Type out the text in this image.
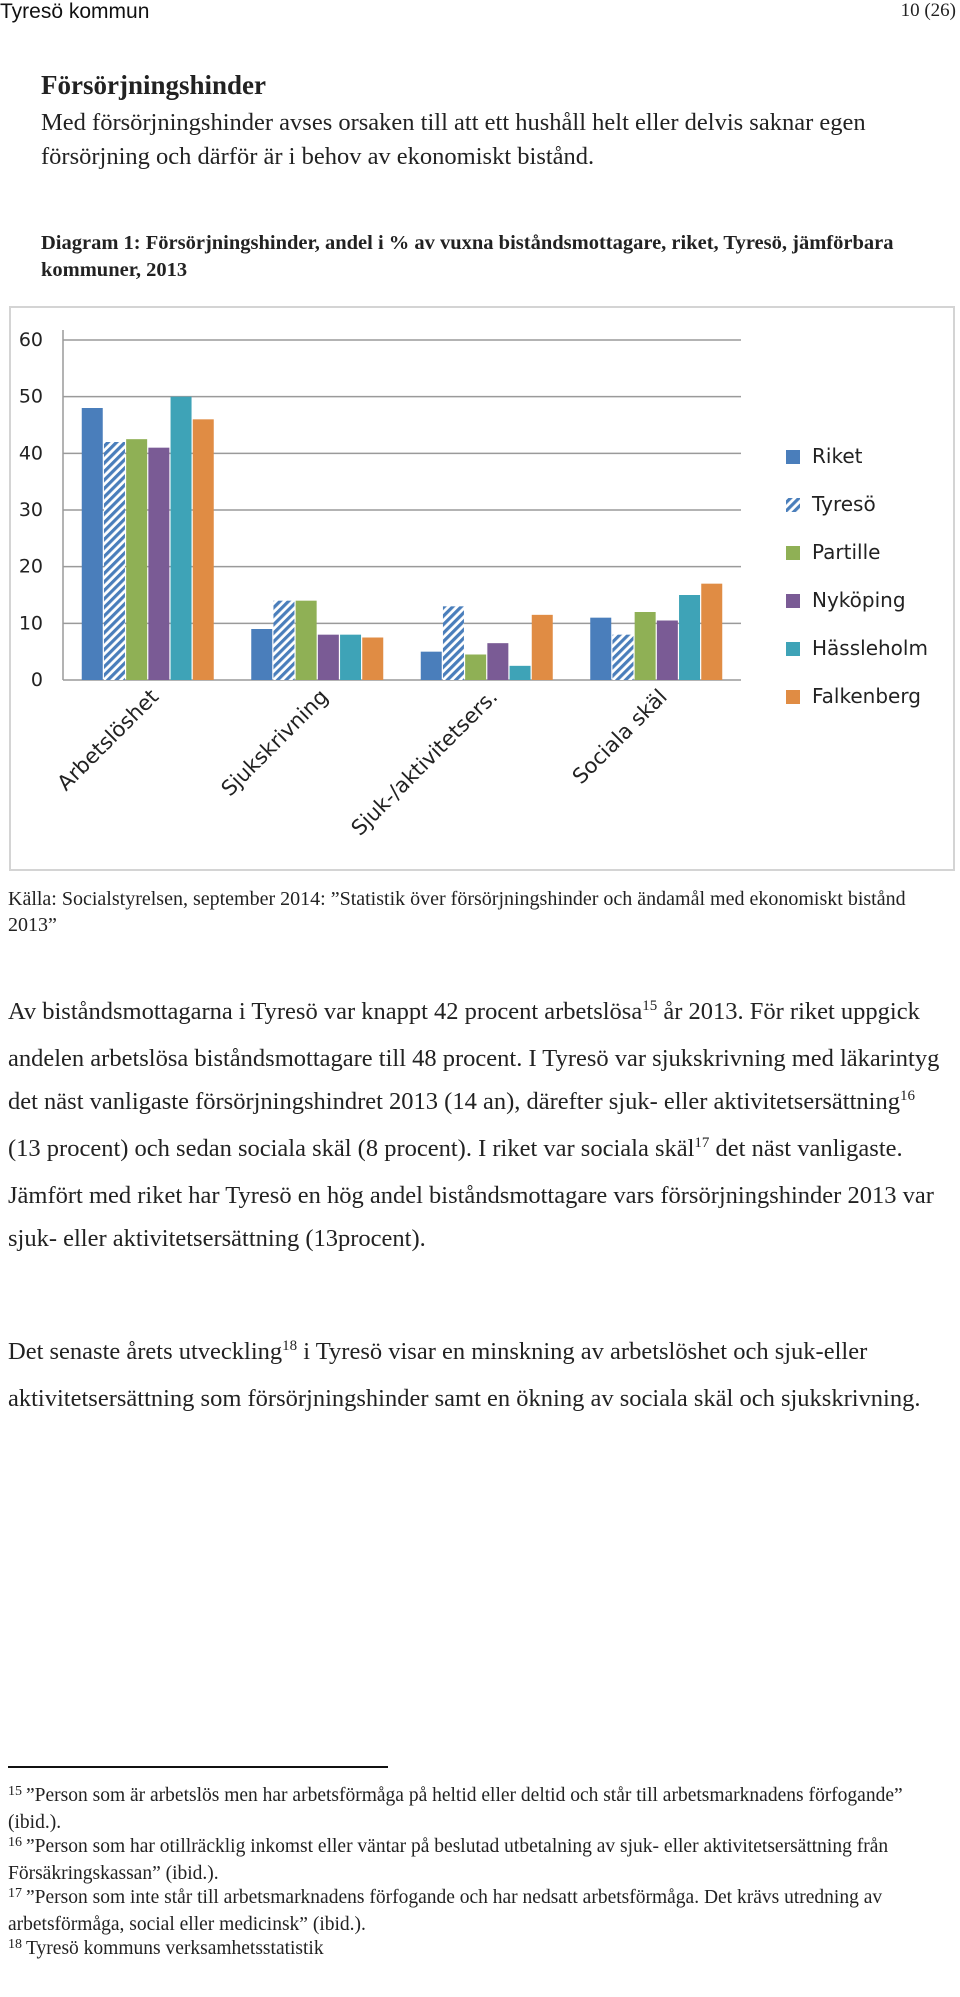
Tyresö kommun	10 (26)
Försörjningshinder
Med försörjningshinder avses orsaken till att ett hushåll helt eller delvis saknar egen försörjning och därför är i behov av ekonomiskt bistånd.
Diagram 1: Försörjningshinder, andel i % av vuxna biståndsmottagare, riket, Tyresö, jämförbara kommuner, 2013
0
10
20
30
40
50
60
Arbetslöshet	Sjukskrivning Sjuk-/aktivitetsers.	Sociala skäl
Riket
Tyresö
Partille
Nyköping
Hässleholm
Falkenberg
Källa: Socialstyrelsen, september 2014: ”Statistik över försörjningshinder och ändamål med ekonomiskt bistånd 2013”
Av biståndsmottagarna i Tyresö var knappt 42 procent arbetslösa$^{15}$ år 2013. För riket uppgick andelen arbetslösa biståndsmottagare till 48 procent. I Tyresö var sjukskrivning med läkarintyg det näst vanligaste försörjningshindret 2013 (14 an), därefter sjuk- eller aktivitetsersättning$^{16}$ (13 procent) och sedan sociala skäl (8 procent). I riket var sociala skäl$^{17}$ det näst vanligaste. Jämfört med riket har Tyresö en hög andel biståndsmottagare vars försörjningshinder 2013 var sjuk- eller aktivitetsersättning (13procent).
Det senaste årets utveckling$^{18}$ i Tyresö visar en minskning av arbetslöshet och sjuk-eller aktivitetsersättning som försörjningshinder samt en ökning av sociala skäl och sjukskrivning.

$^{15}$ ”Person som är arbetslös men har arbetsförmåga på heltid eller deltid och står till arbetsmarknadens förfogande” (ibid.).

$^{16}$ ”Person som har otillräcklig inkomst eller väntar på beslutad utbetalning av sjuk- eller aktivitetsersättning från Försäkringskassan” (ibid.).

$^{17}$ ”Person som inte står till arbetsmarknadens förfogande och har nedsatt arbetsförmåga. Det krävs utredning av arbetsförmåga, social eller medicinsk” (ibid.).

$^{18}$ Tyresö kommuns verksamhetsstatistik
